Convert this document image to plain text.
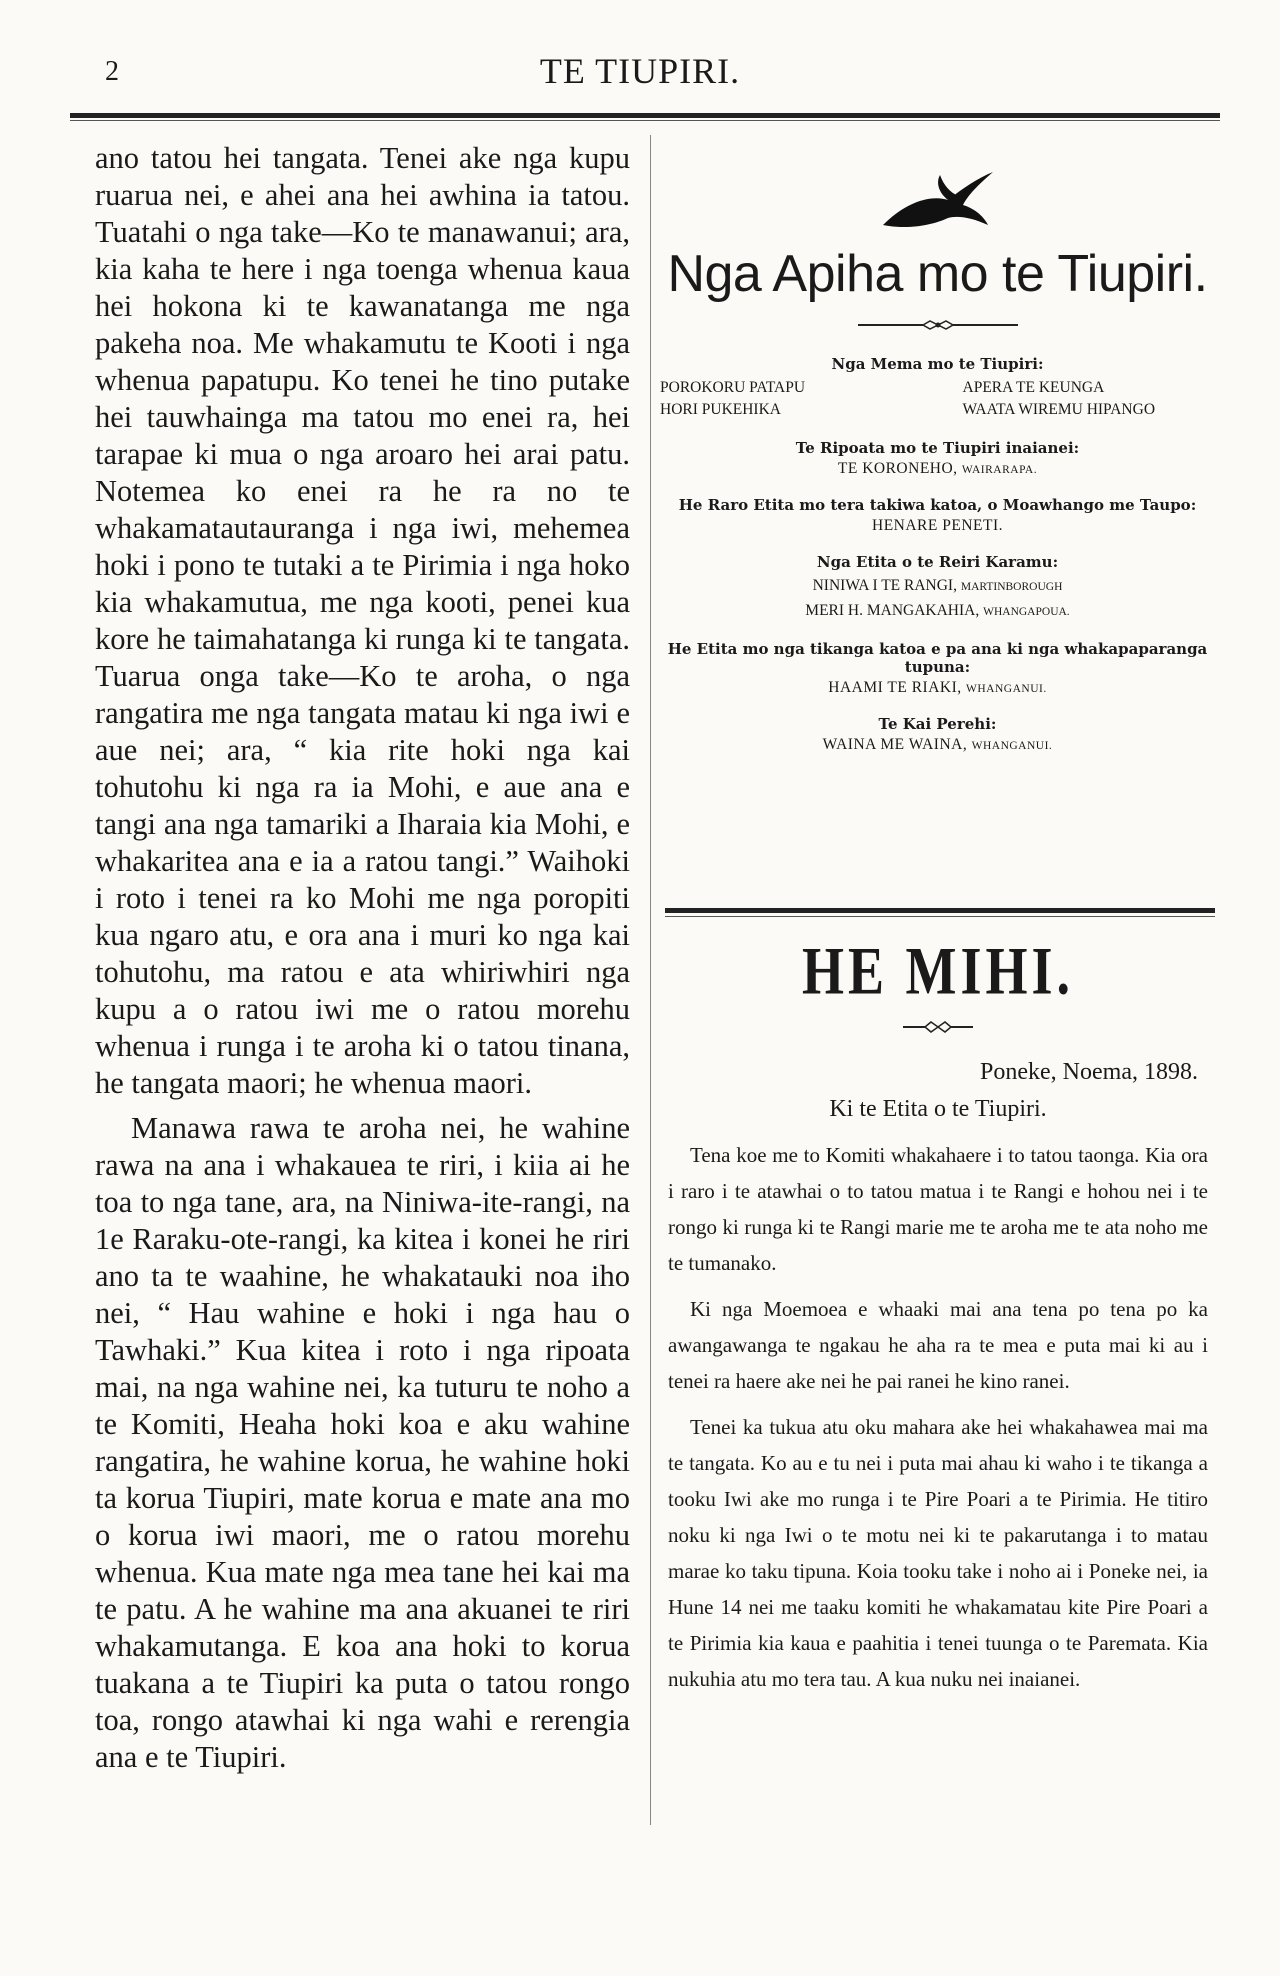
2	TE TIUPIRI.

ano tatou hei tangata. Tenei ake nga kupu ruarua nei, e ahei ana hei awhina ia tatou. Tuatahi o nga take—Ko te manawanui; ara, kia kaha te here i nga toenga whenua kaua hei hokona ki te kawanatanga me nga pakeha noa. Me whakamutu te Kooti i nga whenua papatupu. Ko tenei he tino putake hei tauwhainga ma tatou mo enei ra, hei tarapae ki mua o nga aroaro hei arai patu. Notemea ko enei ra he ra no te whakamatautauranga i nga iwi, mehemea hoki i pono te tutaki a te Pirimia i nga hoko kia whakamutua, me nga kooti, penei kua kore he taimahatanga ki runga ki te tangata. Tuarua onga take—Ko te aroha, o nga rangatira me nga tangata matau ki nga iwi e aue nei; ara, “ kia rite hoki nga kai tohutohu ki nga ra ia Mohi, e aue ana e tangi ana nga tamariki a Iharaia kia Mohi, e whakaritea ana e ia a ratou tangi.” Waihoki i roto i tenei ra ko Mohi me nga poropiti kua ngaro atu, e ora ana i muri ko nga kai tohutohu, ma ratou e ata whiriwhiri nga kupu a o ratou iwi me o ratou morehu whenua i runga i te aroha ki o tatou tinana, he tangata maori; he whenua maori.

Manawa rawa te aroha nei, he wahine rawa na ana i whakauea te riri, i kiia ai he toa to nga tane, ara, na Niniwa-ite-rangi, na 1e Raraku-ote-rangi, ka kitea i konei he riri ano ta te waahine, he whakatauki noa iho nei, “ Hau wahine e hoki i nga hau o Tawhaki.” Kua kitea i roto i nga ripoata mai, na nga wahine nei, ka tuturu te noho a te Komiti, Heaha hoki koa e aku wahine rangatira, he wahine korua, he wahine hoki ta korua Tiupiri, mate korua e mate ana mo o korua iwi maori, me o ratou morehu whenua. Kua mate nga mea tane hei kai ma te patu. A he wahine ma ana akuanei te riri whakamutanga. E koa ana hoki to korua tuakana a te Tiupiri ka puta o tatou rongo toa, rongo atawhai ki nga wahi e rerengia ana e te Tiupiri.

Nga Apiha mo te Tiupiri.

Nga Mema mo te Tiupiri:

POROKORU PATAPU	APERA TE KEUNGA
HORI PUKEHIKA	WAATA WIREMU HIPANGO

Te Ripoata mo te Tiupiri inaianei:

TE KORONEHO, WAIRARAPA.

He Raro Etita mo tera takiwa katoa, o Moawhango me Taupo:

HENARE PENETI.

Nga Etita o te Reiri Karamu:

NINIWA I TE RANGI, MARTINBOROUGH
MERI H. MANGAKAHIA, WHANGAPOUA.

He Etita mo nga tikanga katoa e pa ana ki nga whakapaparanga tupuna:

HAAMI TE RIAKI, WHANGANUI.

Te Kai Perehi:

WAINA ME WAINA, WHANGANUI.
HE MIHI.
Poneke, Noema, 1898.
Ki te Etita o te Tiupiri.

Tena koe me to Komiti whakahaere i to tatou taonga. Kia ora i raro i te atawhai o to tatou matua i te Rangi e hohou nei i te rongo ki runga ki te Rangi marie me te aroha me te ata noho me te tumanako.

Ki nga Moemoea e whaaki mai ana tena po tena po ka awangawanga te ngakau he aha ra te mea e puta mai ki au i tenei ra haere ake nei he pai ranei he kino ranei.

Tenei ka tukua atu oku mahara ake hei whakahawea mai ma te tangata. Ko au e tu nei i puta mai ahau ki waho i te tikanga a tooku Iwi ake mo runga i te Pire Poari a te Pirimia. He titiro noku ki nga Iwi o te motu nei ki te pakarutanga i to matau marae ko taku tipuna. Koia tooku take i noho ai i Poneke nei, ia Hune 14 nei me taaku komiti he whakamatau kite Pire Poari a te Pirimia kia kaua e paahitia i tenei tuunga o te Paremata. Kia nukuhia atu mo tera tau. A kua nuku nei inaianei.
